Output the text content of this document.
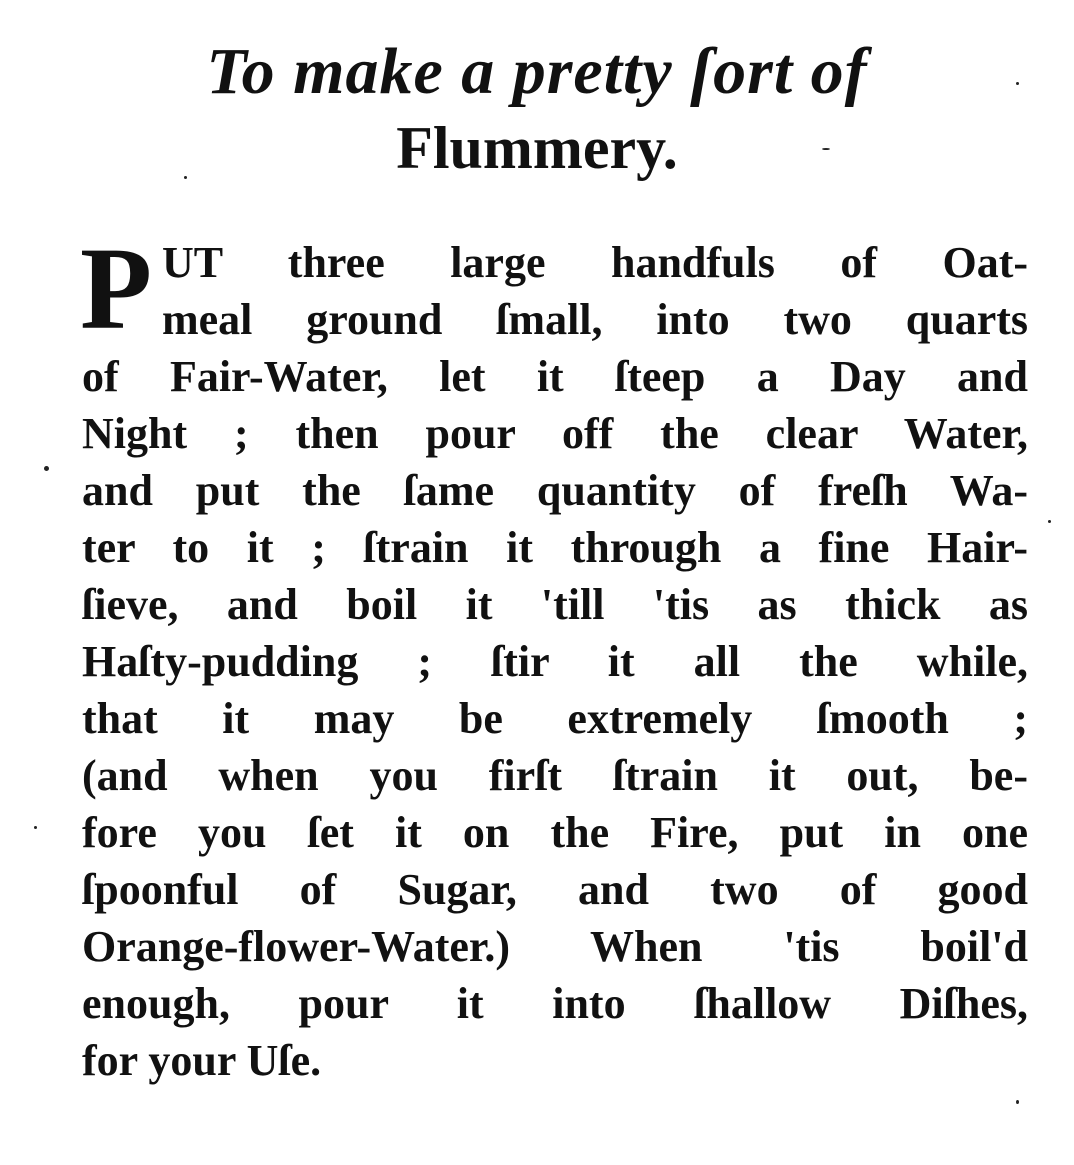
To make a pretty ſort of
Flummery.
P UT three large handfuls of Oat-
meal ground ſmall, into two quarts
of Fair-Water, let it ſteep a Day and
Night ; then pour off the clear Water,
and put the ſame quantity of freſh Wa-
ter to it ; ſtrain it through a fine Hair-
ſieve, and boil it 'till 'tis as thick as
Haſty-pudding ; ſtir it all the while,
that it may be extremely ſmooth ;
(and when you firſt ſtrain it out, be-
fore you ſet it on the Fire, put in one
ſpoonful of Sugar, and two of good
Orange-flower-Water.) When 'tis boil'd
enough, pour it into ſhallow Diſhes,
for your Uſe.
